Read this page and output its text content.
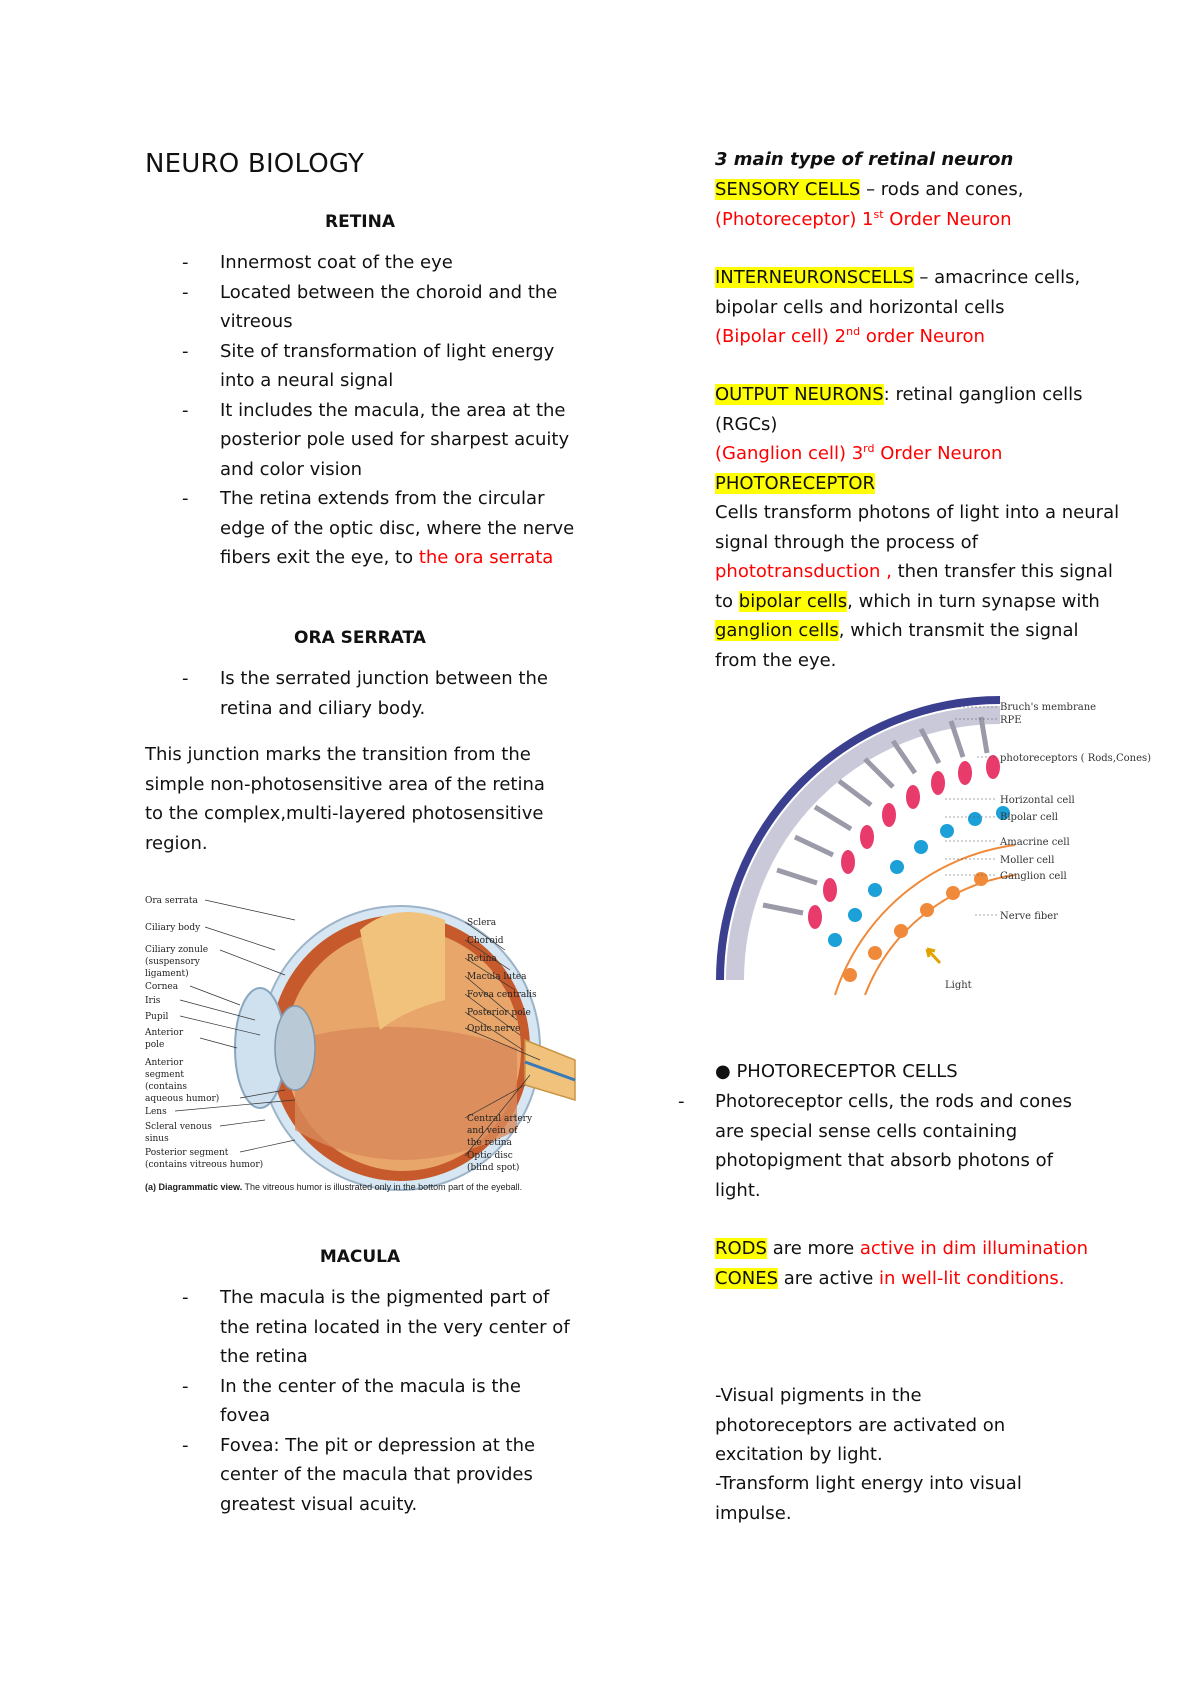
NEURO BIOLOGY
RETINA
- Innermost coat of the eye
- Located between the choroid and the vitreous
- Site of transformation of light energy into a neural signal
- It includes the macula, the area at the posterior pole used for sharpest acuity and color vision
- The retina extends from the circular edge of the optic disc, where the nerve fibers exit the eye, to the ora serrata
ORA SERRATA
- Is the serrated junction between the retina and ciliary body.
This junction marks the transition from the simple non-photosensitive area of the retina to the complex,multi-layered photosensitive region.
Ora serrata
Ciliary body
Ciliary zonule
(suspensory
ligament)
Cornea
Iris
Pupil
Anterior
pole
Anterior
segment
(contains
aqueous humor)
Lens
Scleral venous
sinus
Posterior segment
(contains vitreous humor)
Sclera
Choroid
Retina
Macula lutea
Fovea centralis
Posterior pole
Optic nerve
Central artery
and vein of
the retina
Optic disc
(blind spot)
(a) Diagrammatic view. The vitreous humor is illustrated only in the bottom part of the eyeball.
MACULA
- The macula is the pigmented part of the retina located in the very center of the retina
- In the center of the macula is the fovea
- Fovea: The pit or depression at the center of the macula that provides greatest visual acuity.
3 main type of retinal neuron
SENSORY CELLS – rods and cones,
(Photoreceptor) 1st Order Neuron
INTERNEURONSCELLS – amacrince cells, bipolar cells and horizontal cells
(Bipolar cell) 2nd order Neuron
OUTPUT NEURONS: retinal ganglion cells (RGCs)
(Ganglion cell) 3rd Order Neuron
PHOTORECEPTOR
Cells transform photons of light into a neural signal through the process of phototransduction , then transfer this signal to bipolar cells, which in turn synapse with ganglion cells, which transmit the signal from the eye.
Bruch's membrane
RPE
photoreceptors ( Rods,Cones)
Horizontal cell
Bipolar cell
Amacrine cell
Moller cell
Ganglion cell
Nerve fiber
Light
● PHOTORECEPTOR CELLS
- Photoreceptor cells, the rods and cones are special sense cells containing photopigment that absorb photons of light.
RODS are more active in dim illumination
CONES are active in well-lit conditions.
-Visual pigments in the photoreceptors are activated on excitation by light.
-Transform light energy into visual impulse.
